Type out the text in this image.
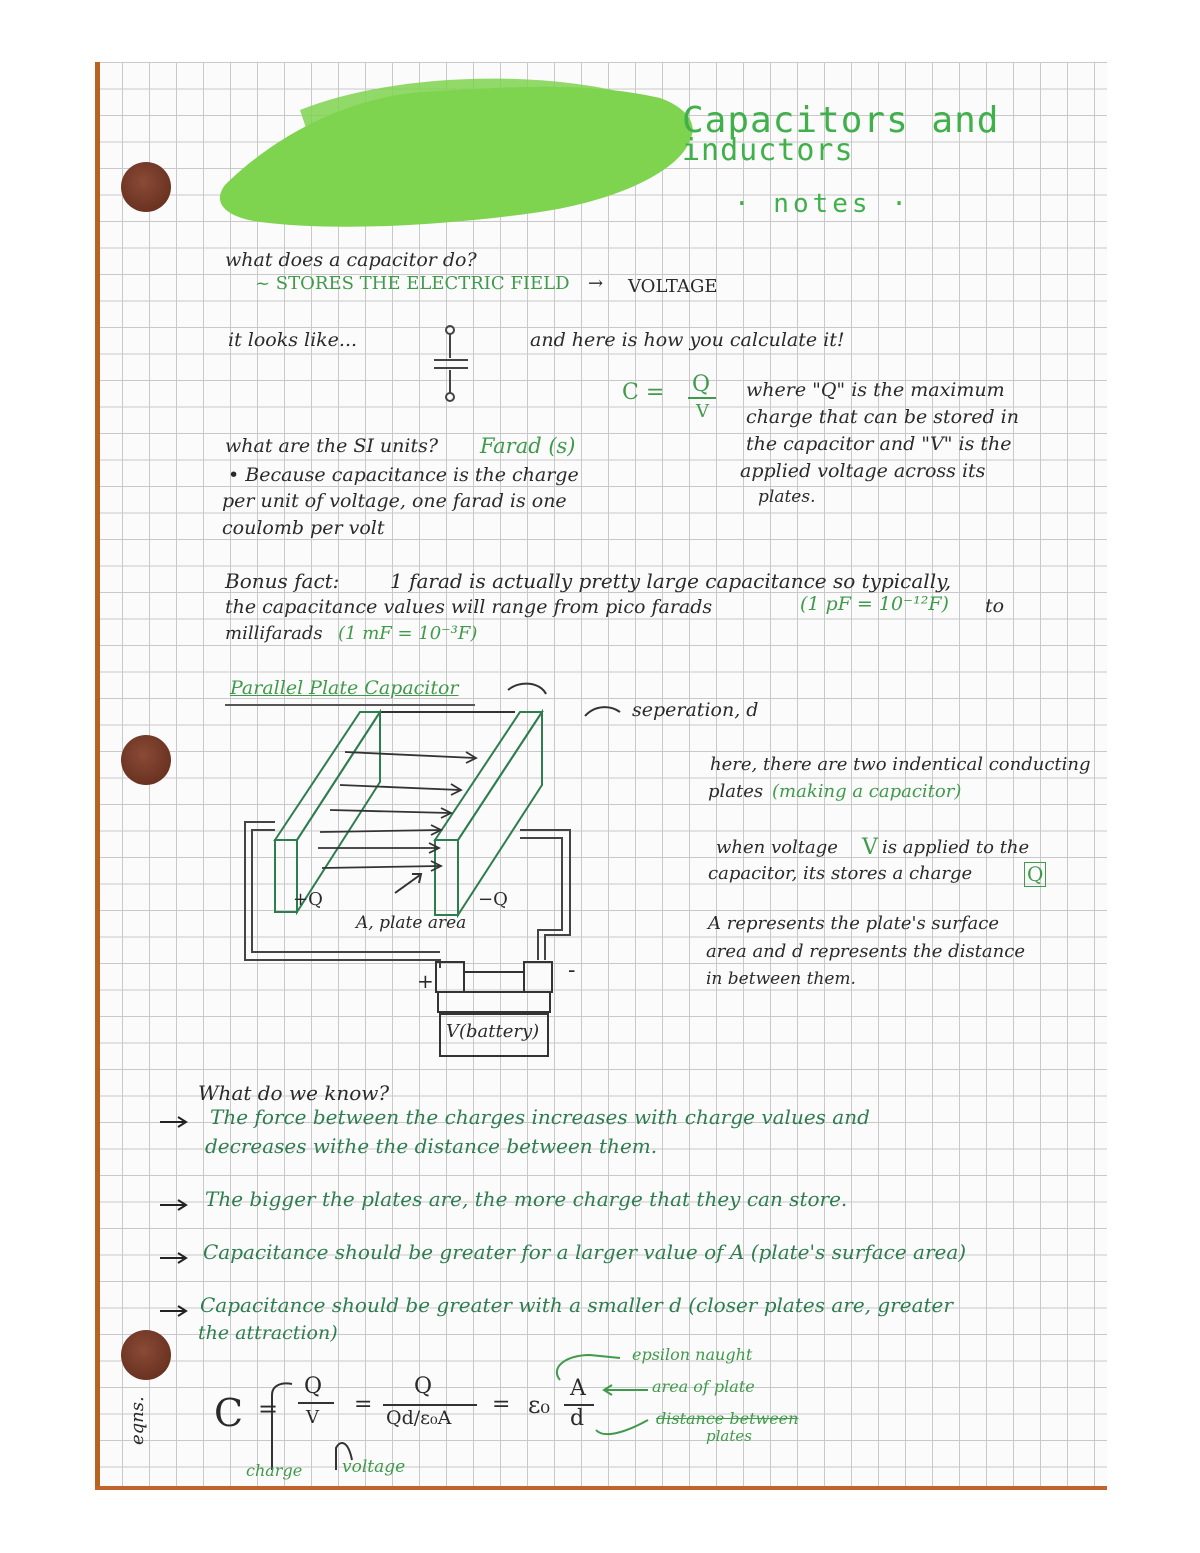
Capacitors and
inductors
· notes ·
what does a capacitor do?
~ STORES THE ELECTRIC FIELD → VOLTAGE
it looks like...	and here is how you calculate it!
C = Q
V
where "Q" is the maximum
charge that can be stored in
the capacitor and "V" is the
applied voltage across its
plates.
what are the SI units? Farad (s)
• Because capacitance is the charge
per unit of voltage, one farad is one
coulomb per volt
Bonus fact:	1 farad is actually pretty large capacitance so typically,
the capacitance values will range from pico farads	(1 pF = 10⁻¹²F) to
millifarads (1 mF = 10⁻³F)
Parallel Plate Capacitor
seperation, d
+Q	−Q
A, plate area
+	-
V(battery)
here, there are two indentical conducting
plates (making a capacitor)
when voltage V is applied to the
capacitor, its stores a charge	Q
A represents the plate's surface
area and d represents the distance
in between them.
What do we know?
The force between the charges increases with charge values and
decreases withe the distance between them.
The bigger the plates are, the more charge that they can store.
Capacitance should be greater for a larger value of A (plate's surface area)
Capacitance should be greater with a smaller d (closer plates are, greater
the attraction)
eqns. C =
Q
V
=
Q
Qd/ε₀A
= ε₀
A
d
epsilon naught
area of plate
distance between
plates
charge voltage
